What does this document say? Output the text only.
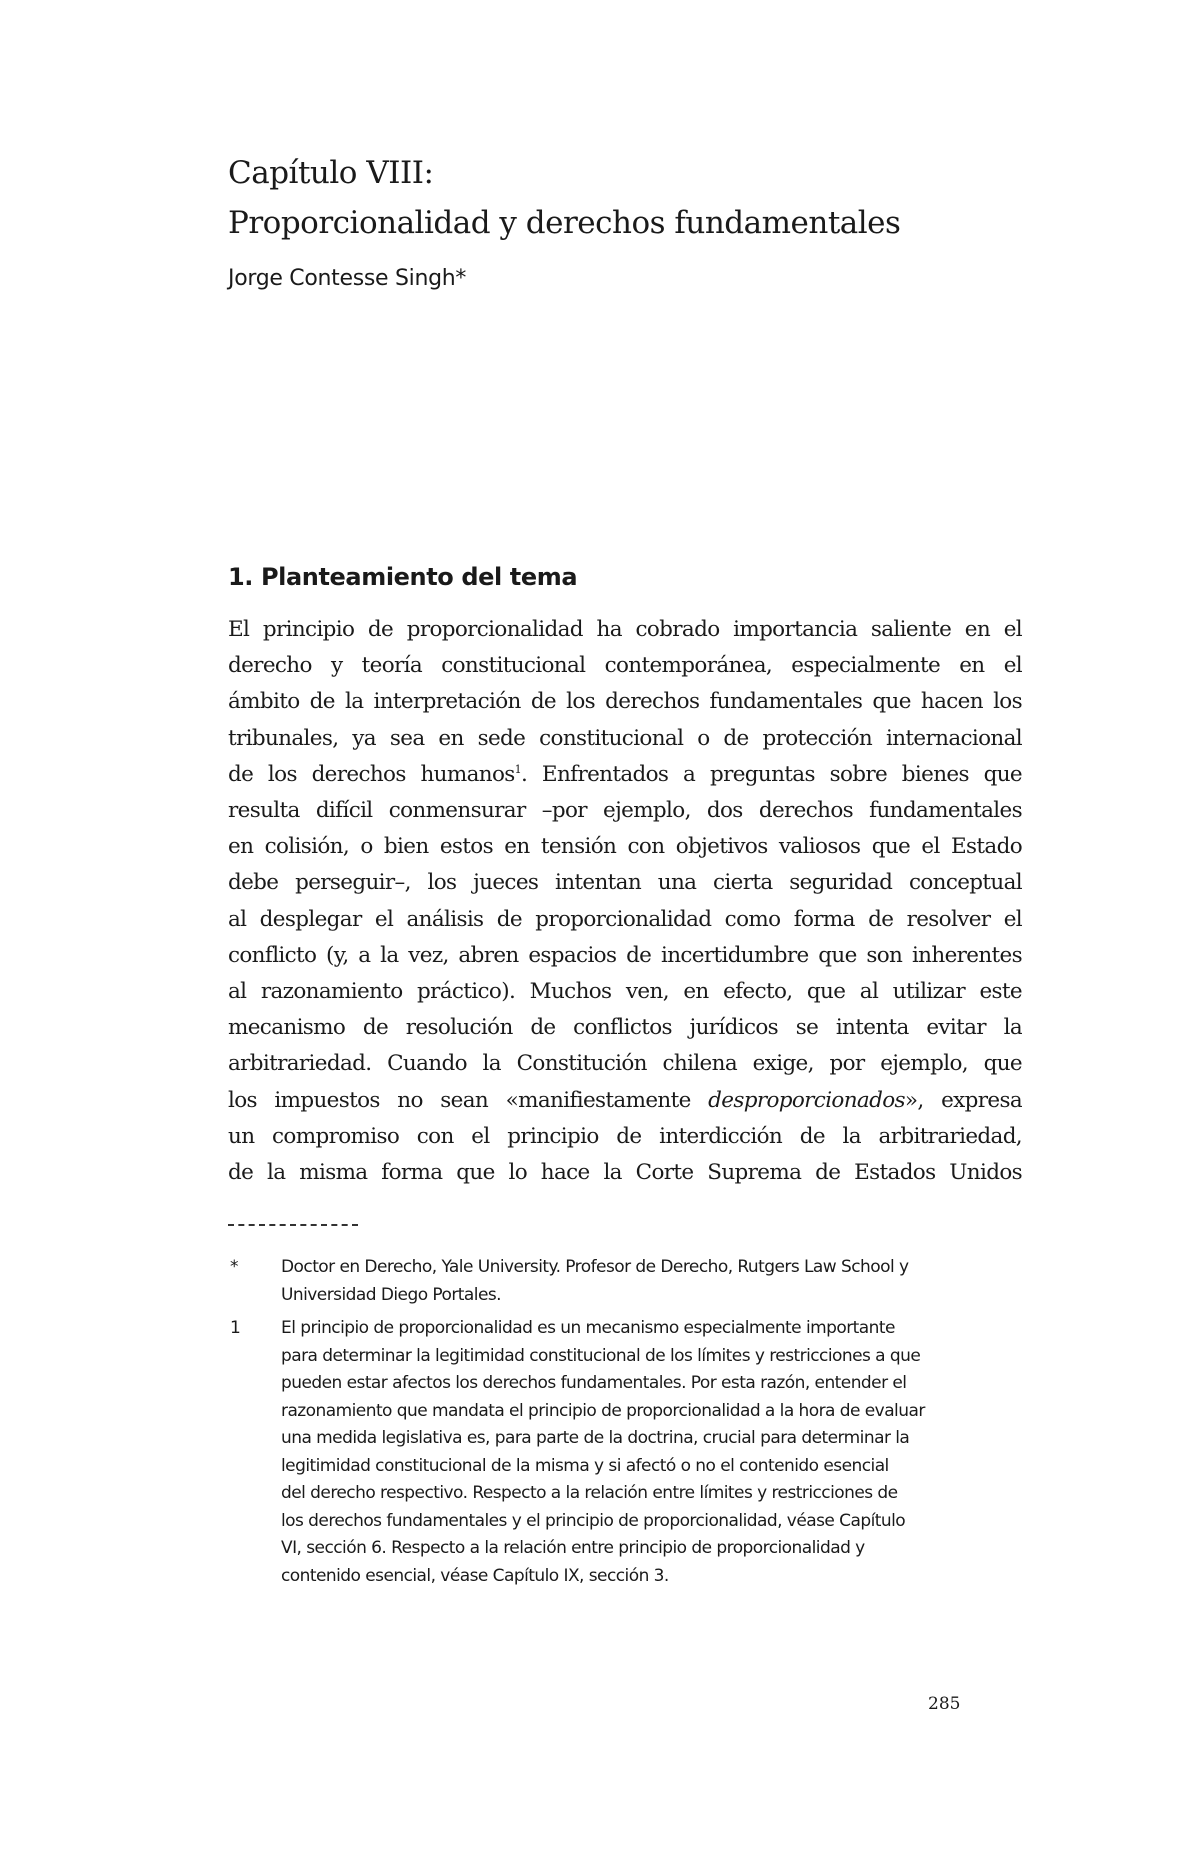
Capítulo VIII:
Proporcionalidad y derechos fundamentales

Jorge Contesse Singh*

1. Planteamiento del tema
El principio de proporcionalidad ha cobrado importancia saliente en el
derecho y teoría constitucional contemporánea, especialmente en el
ámbito de la interpretación de los derechos fundamentales que hacen los
tribunales, ya sea en sede constitucional o de protección internacional
de los derechos humanos$^1$. Enfrentados a preguntas sobre bienes que
resulta difícil conmensurar –por ejemplo, dos derechos fundamentales
en colisión, o bien estos en tensión con objetivos valiosos que el Estado
debe perseguir–, los jueces intentan una cierta seguridad conceptual
al desplegar el análisis de proporcionalidad como forma de resolver el
conflicto (y, a la vez, abren espacios de incertidumbre que son inherentes
al razonamiento práctico). Muchos ven, en efecto, que al utilizar este
mecanismo de resolución de conflictos jurídicos se intenta evitar la
arbitrariedad. Cuando la Constitución chilena exige, por ejemplo, que
los impuestos no sean «manifiestamente desproporcionados», expresa
un compromiso con el principio de interdicción de la arbitrariedad,
de la misma forma que lo hace la Corte Suprema de Estados Unidos
*	Doctor en Derecho, Yale University. Profesor de Derecho, Rutgers Law School y
Universidad Diego Portales.
1 El principio de proporcionalidad es un mecanismo especialmente importante
para determinar la legitimidad constitucional de los límites y restricciones a que
pueden estar afectos los derechos fundamentales. Por esta razón, entender el
razonamiento que mandata el principio de proporcionalidad a la hora de evaluar
una medida legislativa es, para parte de la doctrina, crucial para determinar la
legitimidad constitucional de la misma y si afectó o no el contenido esencial
del derecho respectivo. Respecto a la relación entre límites y restricciones de
los derechos fundamentales y el principio de proporcionalidad, véase Capítulo
VI, sección 6. Respecto a la relación entre principio de proporcionalidad y
contenido esencial, véase Capítulo IX, sección 3.

285
